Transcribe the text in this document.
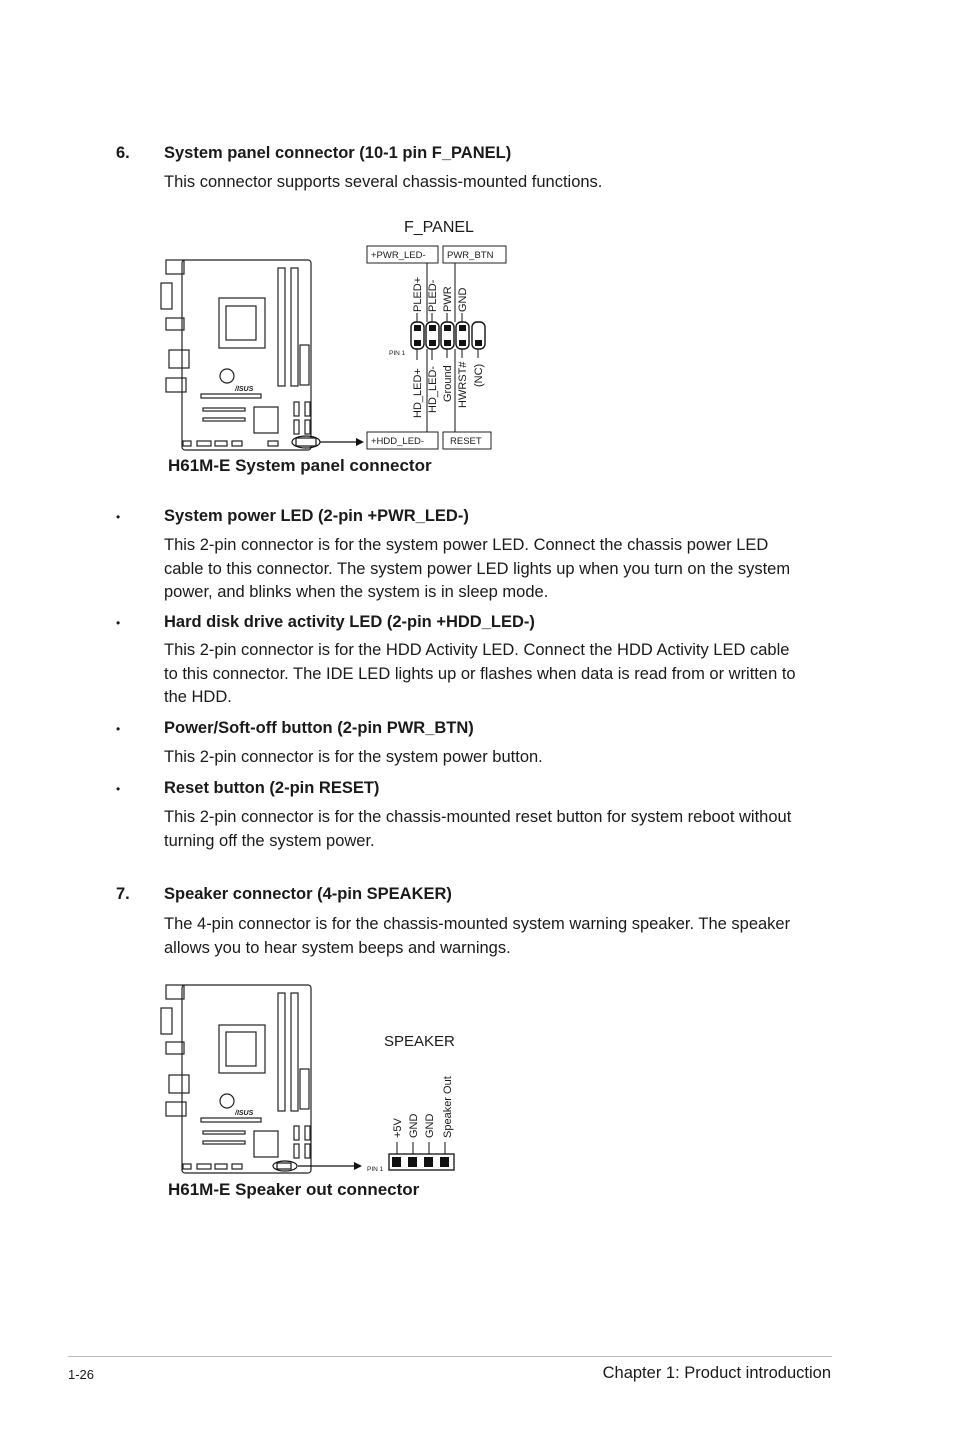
6. System panel connector (10-1 pin F_PANEL)
This connector supports several chassis-mounted functions.
/ISUS
F_PANEL
+PWR_LED- PWR_BTN
+HDD_LED-	RESET
PIN 1
PLED+ PLED- PWR GND
HD_LED+ HD_LED- Ground HWRST# (NC)
H61M-E System panel connector
•	System power LED (2-pin +PWR_LED-)
This 2-pin connector is for the system power LED. Connect the chassis power LED
cable to this connector. The system power LED lights up when you turn on the system
power, and blinks when the system is in sleep mode.
•	Hard disk drive activity LED (2-pin +HDD_LED-)
This 2-pin connector is for the HDD Activity LED. Connect the HDD Activity LED cable
to this connector. The IDE LED lights up or flashes when data is read from or written to
the HDD.
•	Power/Soft-off button (2-pin PWR_BTN)
This 2-pin connector is for the system power button.
•	Reset button (2-pin RESET)
This 2-pin connector is for the chassis-mounted reset button for system reboot without
turning off the system power.
7. Speaker connector (4-pin SPEAKER)
The 4-pin connector is for the chassis-mounted system warning speaker. The speaker
allows you to hear system beeps and warnings.
/ISUS
SPEAKER
PIN 1
+5V GND GND Speaker Out
H61M-E Speaker out connector
1-26	Chapter 1: Product introduction
